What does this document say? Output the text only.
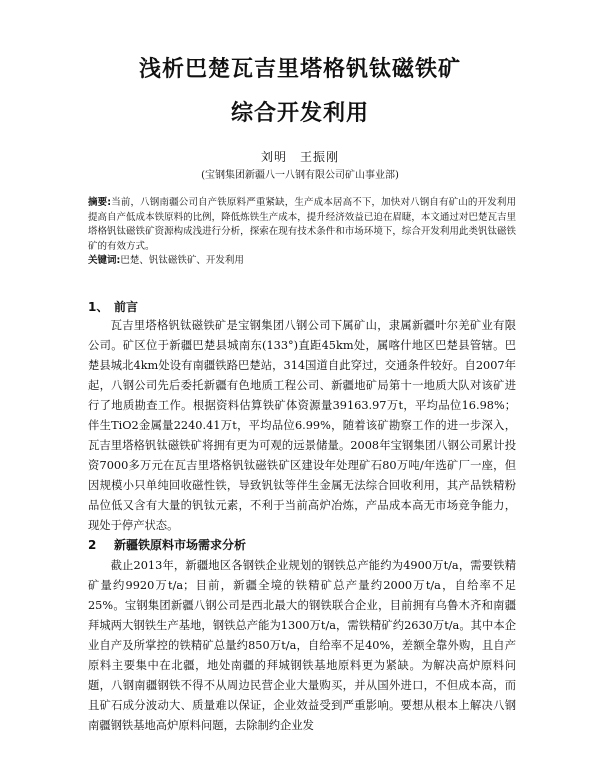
浅析巴楚瓦吉里塔格钒钛磁铁矿
综合开发利用
刘明　王振刚
(宝钢集团新疆八一八钢有限公司矿山事业部)

摘要:当前，八钢南疆公司自产铁原料严重紧缺，生产成本居高不下，加快对八钢自有矿山的开发利用提高自产低成本铁原料的比例，降低炼铁生产成本，提升经济效益已迫在眉睫，本文通过对巴楚瓦吉里塔格钒钛磁铁矿资源构成浅进行分析，探索在现有技术条件和市场环境下，综合开发利用此类钒钛磁铁矿的有效方式。

关键词:巴楚、钒钛磁铁矿、开发利用

1、 前言

瓦吉里塔格钒钛磁铁矿是宝钢集团八钢公司下属矿山，隶属新疆叶尔羌矿业有限公司。矿区位于新疆巴楚县城南东(133°)直距45km处，属喀什地区巴楚县管辖。巴楚县城北4km处设有南疆铁路巴楚站，314国道自此穿过，交通条件较好。自2007年起，八钢公司先后委托新疆有色地质工程公司、新疆地矿局第十一地质大队对该矿进行了地质勘查工作。根据资料估算铁矿体资源量39163.97万t，平均品位16.98%；伴生TiO2金属量2240.41万t，平均品位6.99%，随着该矿勘察工作的进一步深入，瓦吉里塔格钒钛磁铁矿将拥有更为可观的远景储量。2008年宝钢集团八钢公司累计投资7000多万元在瓦吉里塔格钒钛磁铁矿区建设年处理矿石80万吨/年选矿厂一座，但因规模小只单纯回收磁性铁，导致钒钛等伴生金属无法综合回收利用，其产品铁精粉品位低又含有大量的钒钛元素，不利于当前高炉冶炼，产品成本高无市场竞争能力，现处于停产状态。

2 新疆铁原料市场需求分析

截止2013年，新疆地区各钢铁企业规划的钢铁总产能约为4900万t/a，需要铁精矿量约9920万t/a；目前，新疆全境的铁精矿总产量约2000万t/a，自给率不足25%。宝钢集团新疆八钢公司是西北最大的钢铁联合企业，目前拥有乌鲁木齐和南疆拜城两大钢铁生产基地，钢铁总产能为1300万t/a，需铁精矿约2630万t/a。其中本企业自产及所掌控的铁精矿总量约850万t/a，自给率不足40%，差额全靠外购，且自产原料主要集中在北疆，地处南疆的拜城钢铁基地原料更为紧缺。为解决高炉原料问题，八钢南疆钢铁不得不从周边民营企业大量购买，并从国外进口，不但成本高，而且矿石成分波动大、质量难以保证，企业效益受到严重影响。要想从根本上解决八钢南疆钢铁基地高炉原料问题，去除制约企业发
